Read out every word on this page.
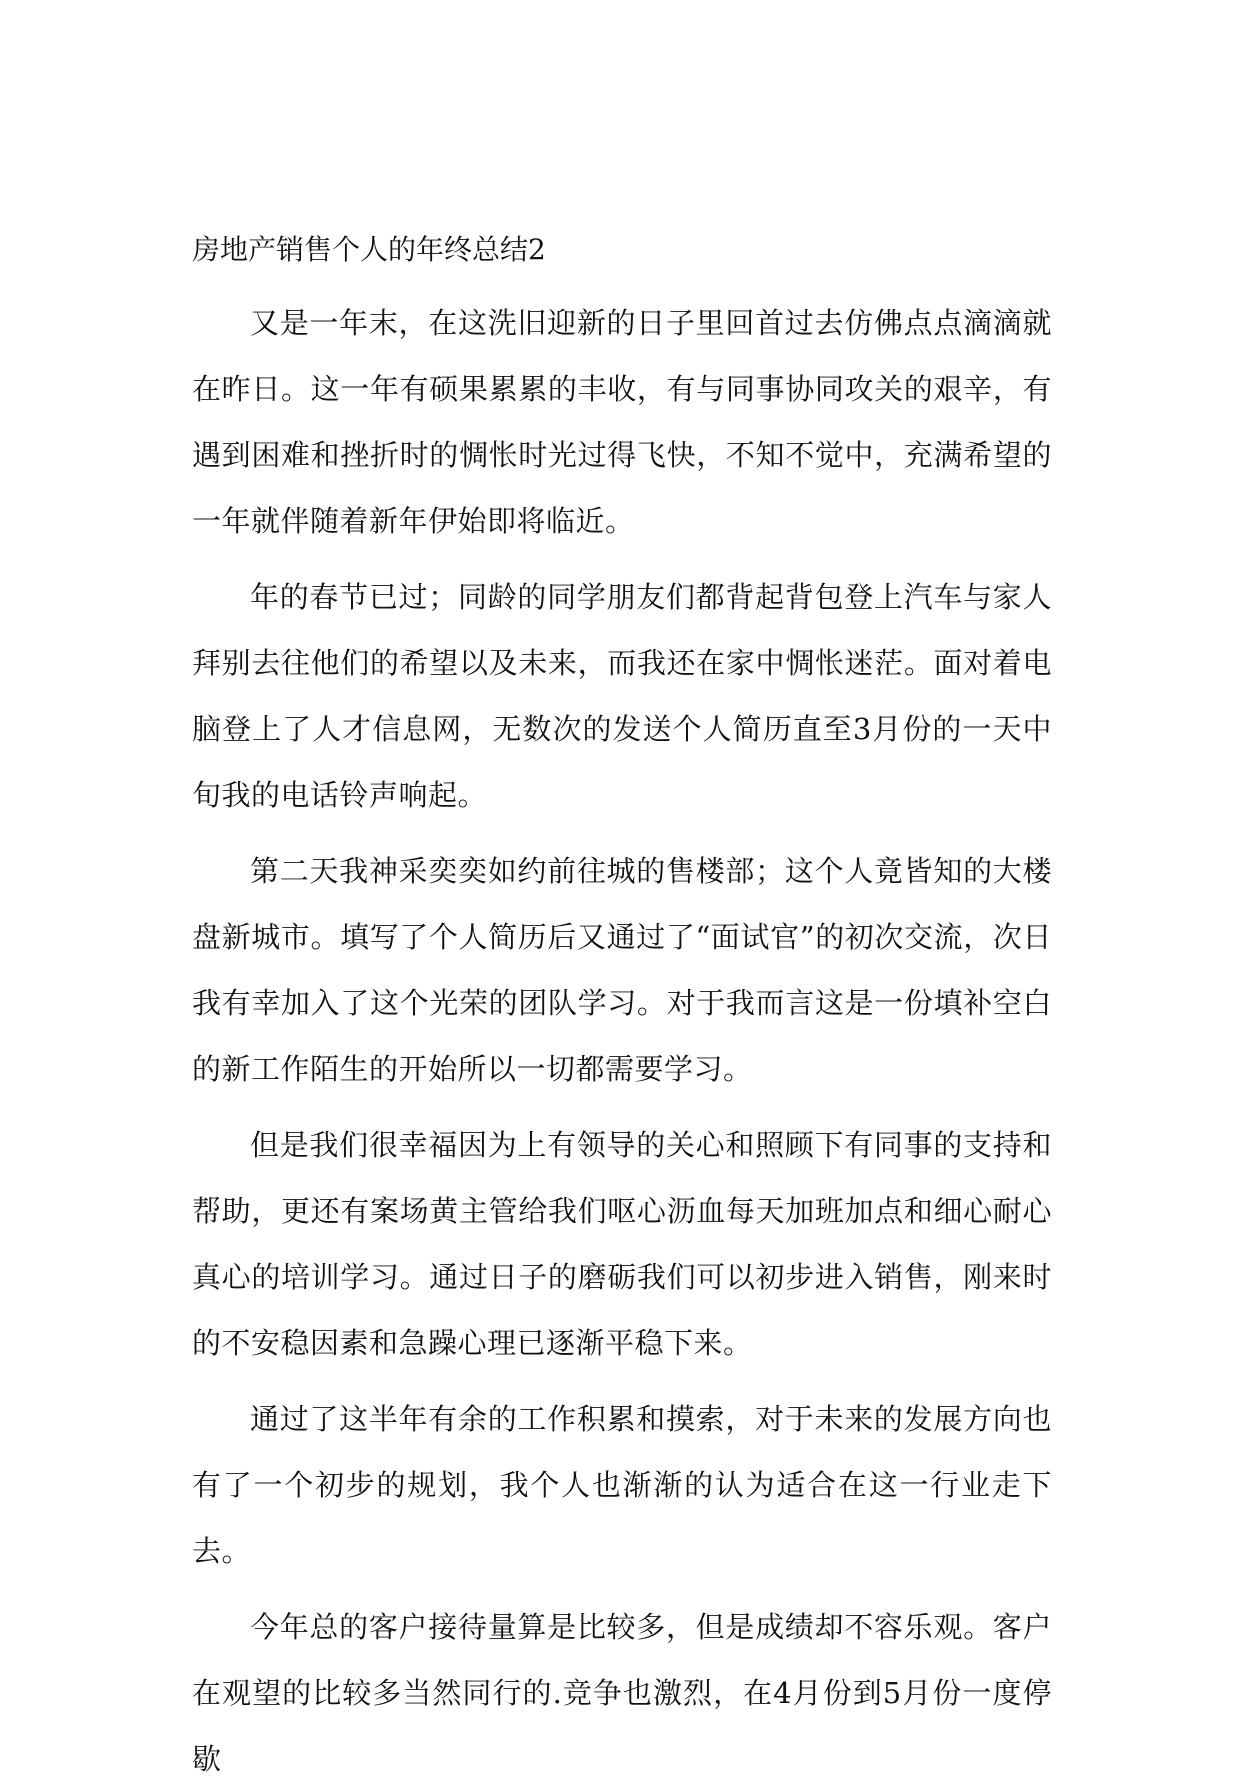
房地产销售个人的年终总结2

又是一年末，在这洗旧迎新的日子里回首过去仿佛点点滴滴就在昨日。这一年有硕果累累的丰收，有与同事协同攻关的艰辛，有遇到困难和挫折时的惆怅时光过得飞快，不知不觉中，充满希望的一年就伴随着新年伊始即将临近。

年的春节已过；同龄的同学朋友们都背起背包登上汽车与家人拜别去往他们的希望以及未来，而我还在家中惆怅迷茫。面对着电脑登上了人才信息网，无数次的发送个人简历直至3月份的一天中旬我的电话铃声响起。

第二天我神采奕奕如约前往城的售楼部；这个人竟皆知的大楼盘新城市。填写了个人简历后又通过了“面试官”的初次交流，次日我有幸加入了这个光荣的团队学习。对于我而言这是一份填补空白的新工作陌生的开始所以一切都需要学习。

但是我们很幸福因为上有领导的关心和照顾下有同事的支持和帮助，更还有案场黄主管给我们呕心沥血每天加班加点和细心耐心真心的培训学习。通过日子的磨砺我们可以初步进入销售，刚来时的不安稳因素和急躁心理已逐渐平稳下来。

通过了这半年有余的工作积累和摸索，对于未来的发展方向也有了一个初步的规划，我个人也渐渐的认为适合在这一行业走下去。

今年总的客户接待量算是比较多，但是成绩却不容乐观。客户在观望的比较多当然同行的.竞争也激烈，在4月份到5月份一度停歇
